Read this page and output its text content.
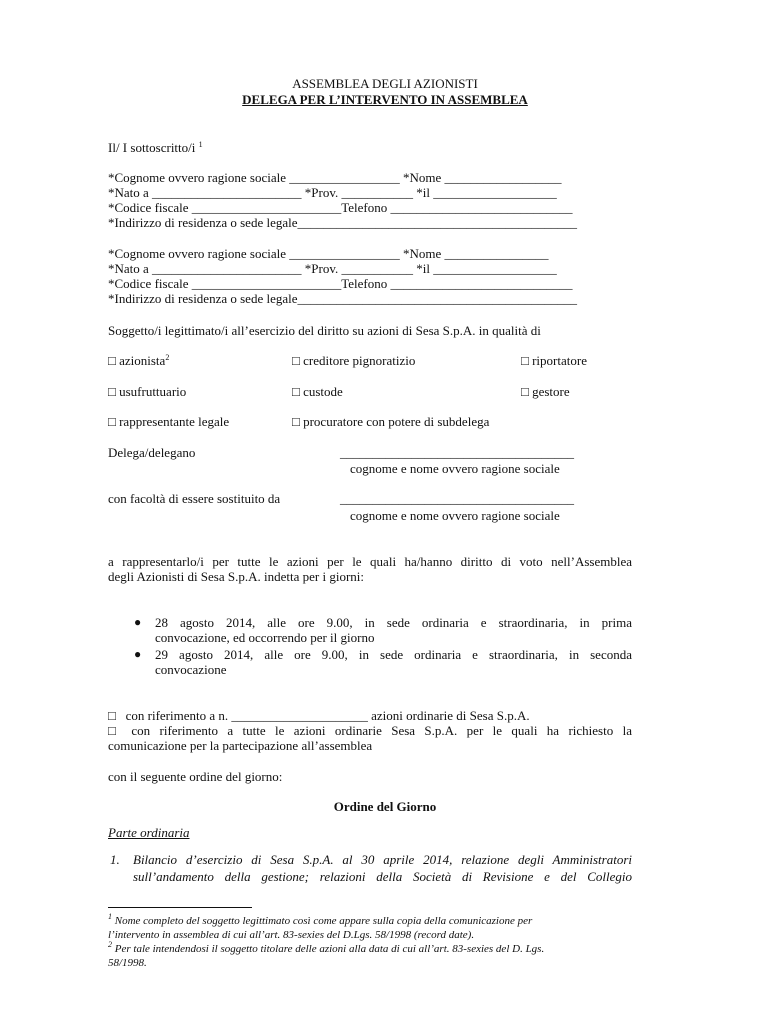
ASSEMBLEA DEGLI AZIONISTI
DELEGA PER L’INTERVENTO IN ASSEMBLEA
Il/ I sottoscritto/i $^1$
*Cognome ovvero ragione sociale _________________ *Nome __________________
*Nato a _______________________ *Prov. ___________ *il ___________________
*Codice fiscale _______________________Telefono ____________________________
*Indirizzo di residenza o sede legale___________________________________________
*Cognome ovvero ragione sociale _________________ *Nome ________________
*Nato a _______________________ *Prov. ___________ *il ___________________
*Codice fiscale _______________________Telefono ____________________________
*Indirizzo di residenza o sede legale___________________________________________
Soggetto/i legittimato/i all’esercizio del diritto su azioni di Sesa S.p.A. in qualità di
□ azionista$^2$	□ creditore pignoratizio	□ riportatore
□ usufruttuario	□ custode	□ gestore
□ rappresentante legale	□ procuratore con potere di subdelega
Delega/delegano	____________________________________
cognome e nome ovvero ragione sociale
con facoltà di essere sostituito da	____________________________________
cognome e nome ovvero ragione sociale
a rappresentarlo/i per tutte le azioni per le quali ha/hanno diritto di voto nell’Assemblea
degli Azionisti di Sesa S.p.A. indetta per i giorni:
● 28 agosto 2014, alle ore 9.00, in sede ordinaria e straordinaria, in prima
convocazione, ed occorrendo per il giorno
● 29 agosto 2014, alle ore 9.00, in sede ordinaria e straordinaria, in seconda
convocazione
□   con riferimento a n. _____________________ azioni ordinarie di Sesa S.p.A.
□ con riferimento a tutte le azioni ordinarie Sesa S.p.A. per le quali ha richiesto la
comunicazione per la partecipazione all’assemblea
con il seguente ordine del giorno:
Ordine del Giorno
Parte ordinaria
1. Bilancio d’esercizio di Sesa S.p.A. al 30 aprile 2014, relazione degli Amministratori
sull’andamento della gestione; relazioni della Società di Revisione e del Collegio
$^1$ Nome completo del soggetto legittimato così come appare sulla copia della comunicazione per
l’intervento in assemblea di cui all’art. 83-sexies del D.Lgs. 58/1998 (record date).
$^2$ Per tale intendendosi il soggetto titolare delle azioni alla data di cui all’art. 83-sexies del D. Lgs.
58/1998.
